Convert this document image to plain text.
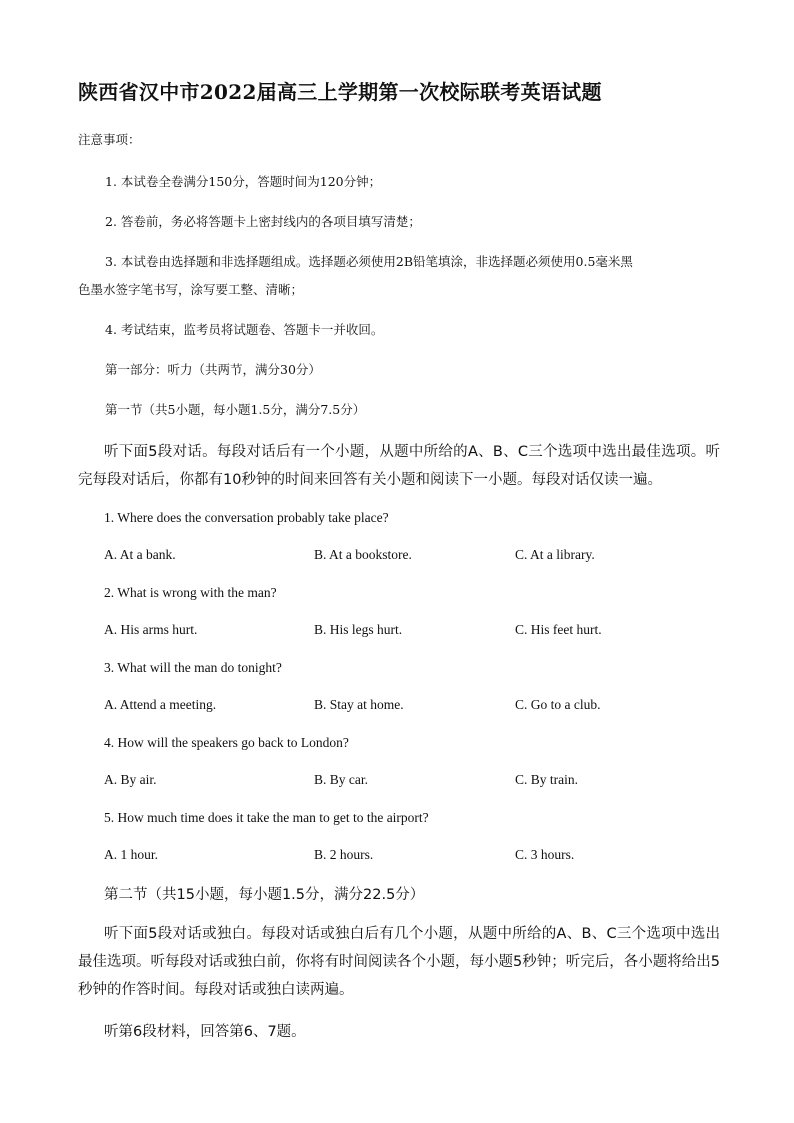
陕西省汉中市2022届高三上学期第一次校际联考英语试题
注意事项：
1. 本试卷全卷满分150分，答题时间为120分钟；
2. 答卷前，务必将答题卡上密封线内的各项目填写清楚；
3. 本试卷由选择题和非选择题组成。选择题必须使用2B铅笔填涂，非选择题必须使用0.5毫米黑
色墨水签字笔书写，涂写要工整、清晰；
4. 考试结束，监考员将试题卷、答题卡一并收回。
第一部分：听力（共两节，满分30分）
第一节（共5小题，每小题1.5分，满分7.5分）
听下面5段对话。每段对话后有一个小题，从题中所给的A、B、C三个选项中选出最佳选项。听完每段对话后，你都有10秒钟的时间来回答有关小题和阅读下一小题。每段对话仅读一遍。
1. Where does the conversation probably take place?
A. At a bank.	B. At a bookstore.	C. At a library.
2. What is wrong with the man?
A. His arms hurt.	B. His legs hurt.	C. His feet hurt.
3. What will the man do tonight?
A. Attend a meeting.	B. Stay at home.	C. Go to a club.
4. How will the speakers go back to London?
A. By air.	B. By car.	C. By train.
5. How much time does it take the man to get to the airport?
A. 1 hour.	B. 2 hours.	C. 3 hours.
第二节（共15小题，每小题1.5分，满分22.5分）
听下面5段对话或独白。每段对话或独白后有几个小题，从题中所给的A、B、C三个选项中选出最佳选项。听每段对话或独白前，你将有时间阅读各个小题，每小题5秒钟；听完后，各小题将给出5秒钟的作答时间。每段对话或独白读两遍。
听第6段材料，回答第6、7题。
